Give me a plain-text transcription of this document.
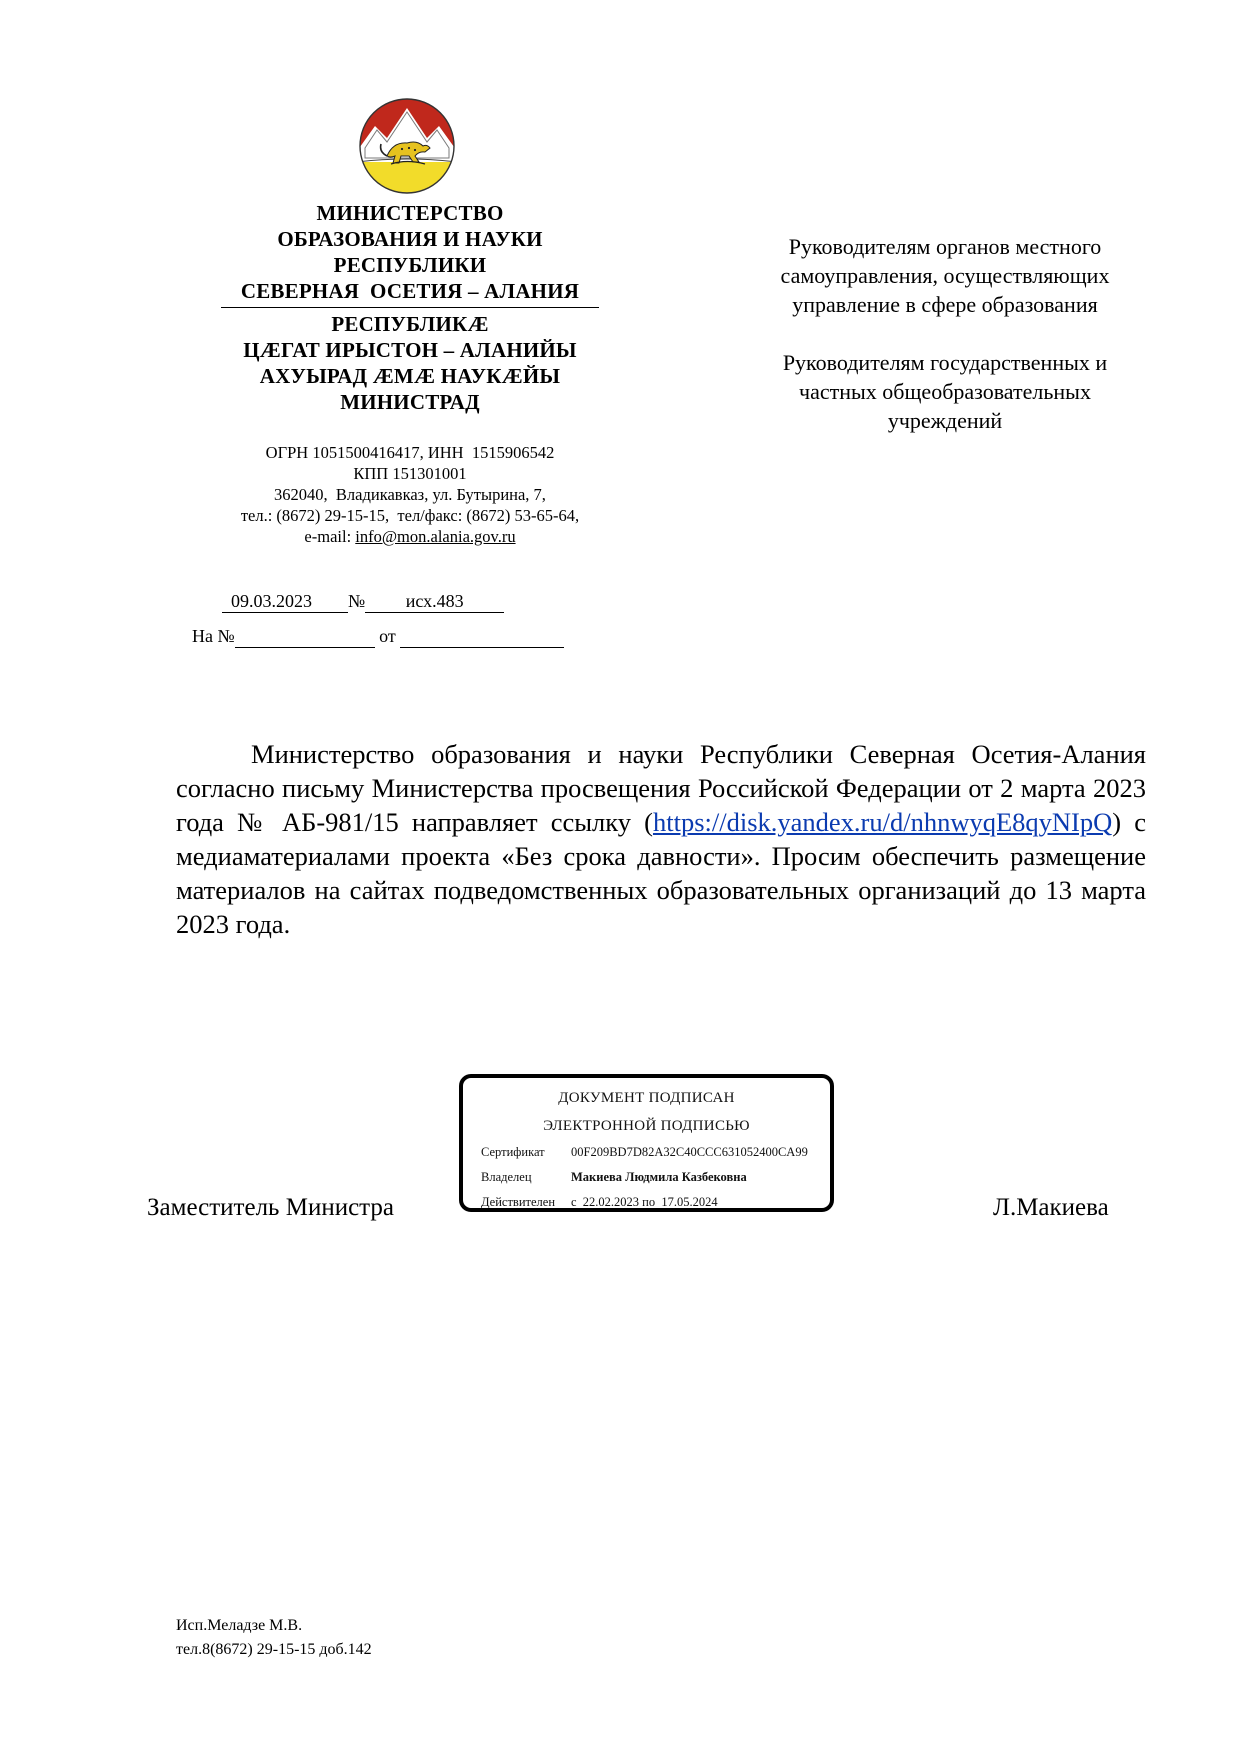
МИНИСТЕРСТВО
ОБРАЗОВАНИЯ И НАУКИ
РЕСПУБЛИКИ
СЕВЕРНАЯ  ОСЕТИЯ – АЛАНИЯ
РЕСПУБЛИКӔ
ЦӔГАТ ИРЫСТОН – АЛАНИЙЫ
АХУЫРАД ӔМӔ НАУКӔЙЫ
МИНИСТРАД
ОГРН 1051500416417, ИНН  1515906542
КПП 151301001
362040,  Владикавказ, ул. Бутырина, 7,
тел.: (8672) 29-15-15,  тел/факс: (8672) 53-65-64,
e-mail: info@mon.alania.gov.ru
09.03.2023 № исх.483
На №	от
Руководителям органов местного
самоуправления, осуществляющих
управление в сфере образования
Руководителям государственных и
частных общеобразовательных
учреждений
Министерство образования и науки Республики Северная Осетия-Алания согласно письму Министерства просвещения Российской Федерации от 2 марта 2023 года № АБ-981/15 направляет ссылку (https://disk.yandex.ru/d/nhnwyqE8qyNIpQ) с медиаматериалами проекта «Без срока давности». Просим обеспечить размещение материалов на сайтах подведомственных образовательных организаций до 13 марта 2023 года.
Заместитель Министра
ДОКУМЕНТ ПОДПИСАН
ЭЛЕКТРОННОЙ ПОДПИСЬЮ
Сертификат 00F209BD7D82A32C40CCC631052400CA99
Владелец	Макиева Людмила Казбековна
Действителен с  22.02.2023 по  17.05.2024	Л.Макиева
Исп.Меладзе М.В.
тел.8(8672) 29-15-15 доб.142
